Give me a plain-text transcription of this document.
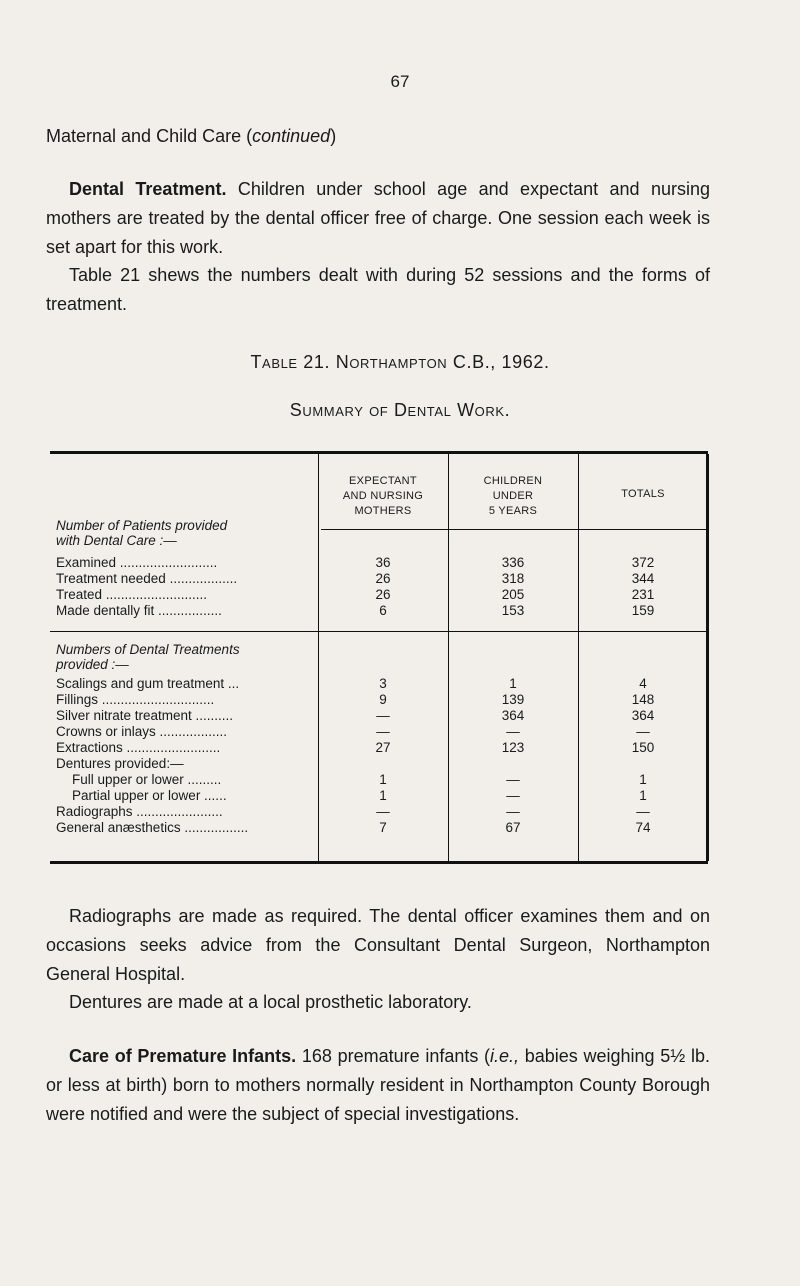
67
Maternal and Child Care (continued)

Dental Treatment. Children under school age and expectant and nursing mothers are treated by the dental officer free of charge. One session each week is set apart for this work.

Table 21 shews the numbers dealt with during 52 sessions and the forms of treatment.

Table 21. Northampton C.B., 1962.
Summary of Dental Work.
EXPECTANT
AND NURSING
MOTHERS
CHILDREN
UNDER
5 YEARS
TOTALS
Number of Patients provided
with Dental Care :—
Examined ..........................	36	336	372
Treatment needed ..................	26	318	344
Treated ...........................	26	205	231
Made dentally fit .................	6	153	159
Numbers of Dental Treatments
provided :—
Scalings and gum treatment ...	3	1	4
Fillings ..............................	9	139	148
Silver nitrate treatment ..........	—	364	364
Crowns or inlays ..................	—	—	—
Extractions .........................	27	123	150
Dentures provided:—
Full upper or lower .........	1	—	1
Partial upper or lower ......	1	—	1
Radiographs .......................	—	—	—
General anæsthetics .................	7	67	74

Radiographs are made as required. The dental officer examines them and on occasions seeks advice from the Consultant Dental Surgeon, Northampton General Hospital.

Dentures are made at a local prosthetic laboratory.

Care of Premature Infants. 168 premature infants (i.e., babies weighing 5½ lb. or less at birth) born to mothers normally resident in Northampton County Borough were notified and were the subject of special investigations.
